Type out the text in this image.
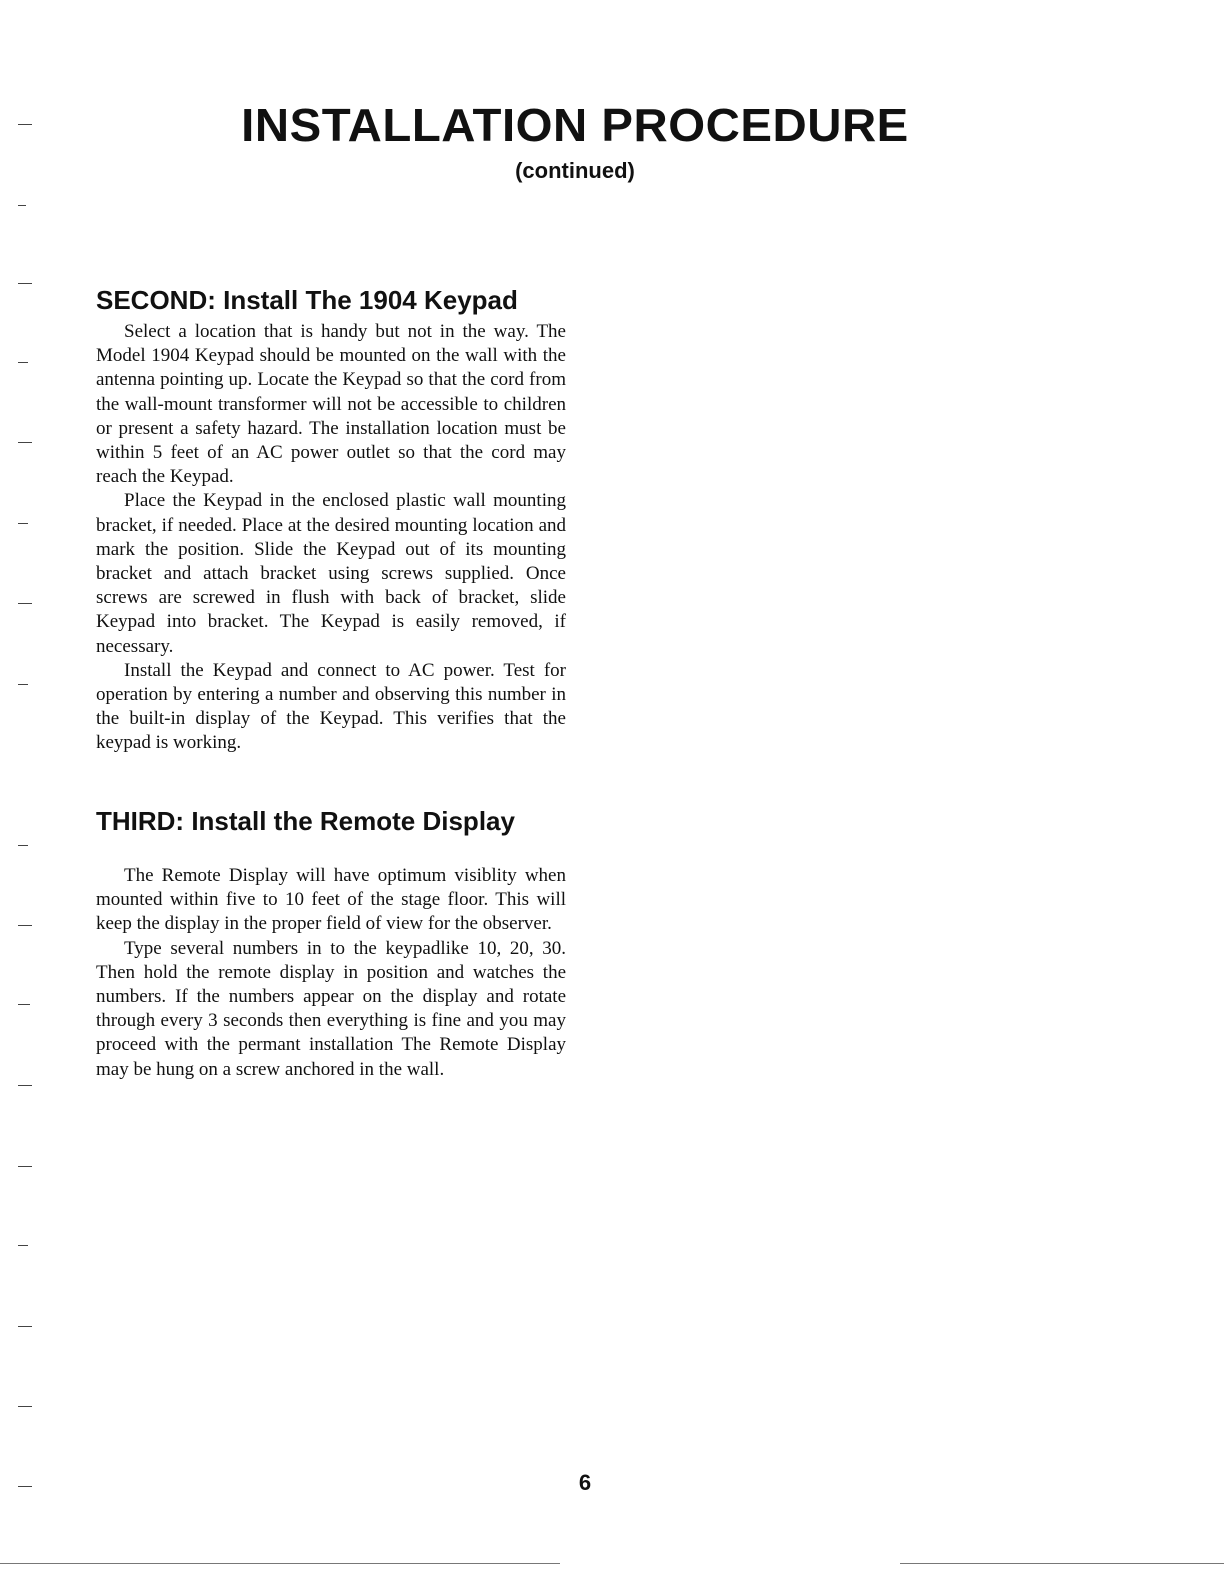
INSTALLATION PROCEDURE
(continued)
SECOND: Install The 1904 Keypad

Select a location that is handy but not in the way. The Model 1904 Keypad should be mounted on the wall with the antenna pointing up. Locate the Keypad so that the cord from the wall-mount transformer will not be accessible to children or present a safety hazard. The installation location must be within 5 feet of an AC power outlet so that the cord may reach the Keypad.

Place the Keypad in the enclosed plastic wall mounting bracket, if needed. Place at the desired mounting location and mark the position. Slide the Keypad out of its mounting bracket and attach bracket using screws supplied. Once screws are screwed in flush with back of bracket, slide Keypad into bracket. The Keypad is easily removed, if necessary.

Install the Keypad and connect to AC power. Test for operation by entering a number and observing this number in the built-in display of the Keypad. This verifies that the keypad is working.

THIRD: Install the Remote Display

The Remote Display will have optimum visiblity when mounted within five to 10 feet of the stage floor. This will keep the display in the proper field of view for the observer.

Type several numbers in to the keypadlike 10, 20, 30. Then hold the remote display in position and watches the numbers. If the numbers appear on the display and rotate through every 3 seconds then everything is fine and you may proceed with the permant installation The Remote Display may be hung on a screw anchored in the wall.

6
